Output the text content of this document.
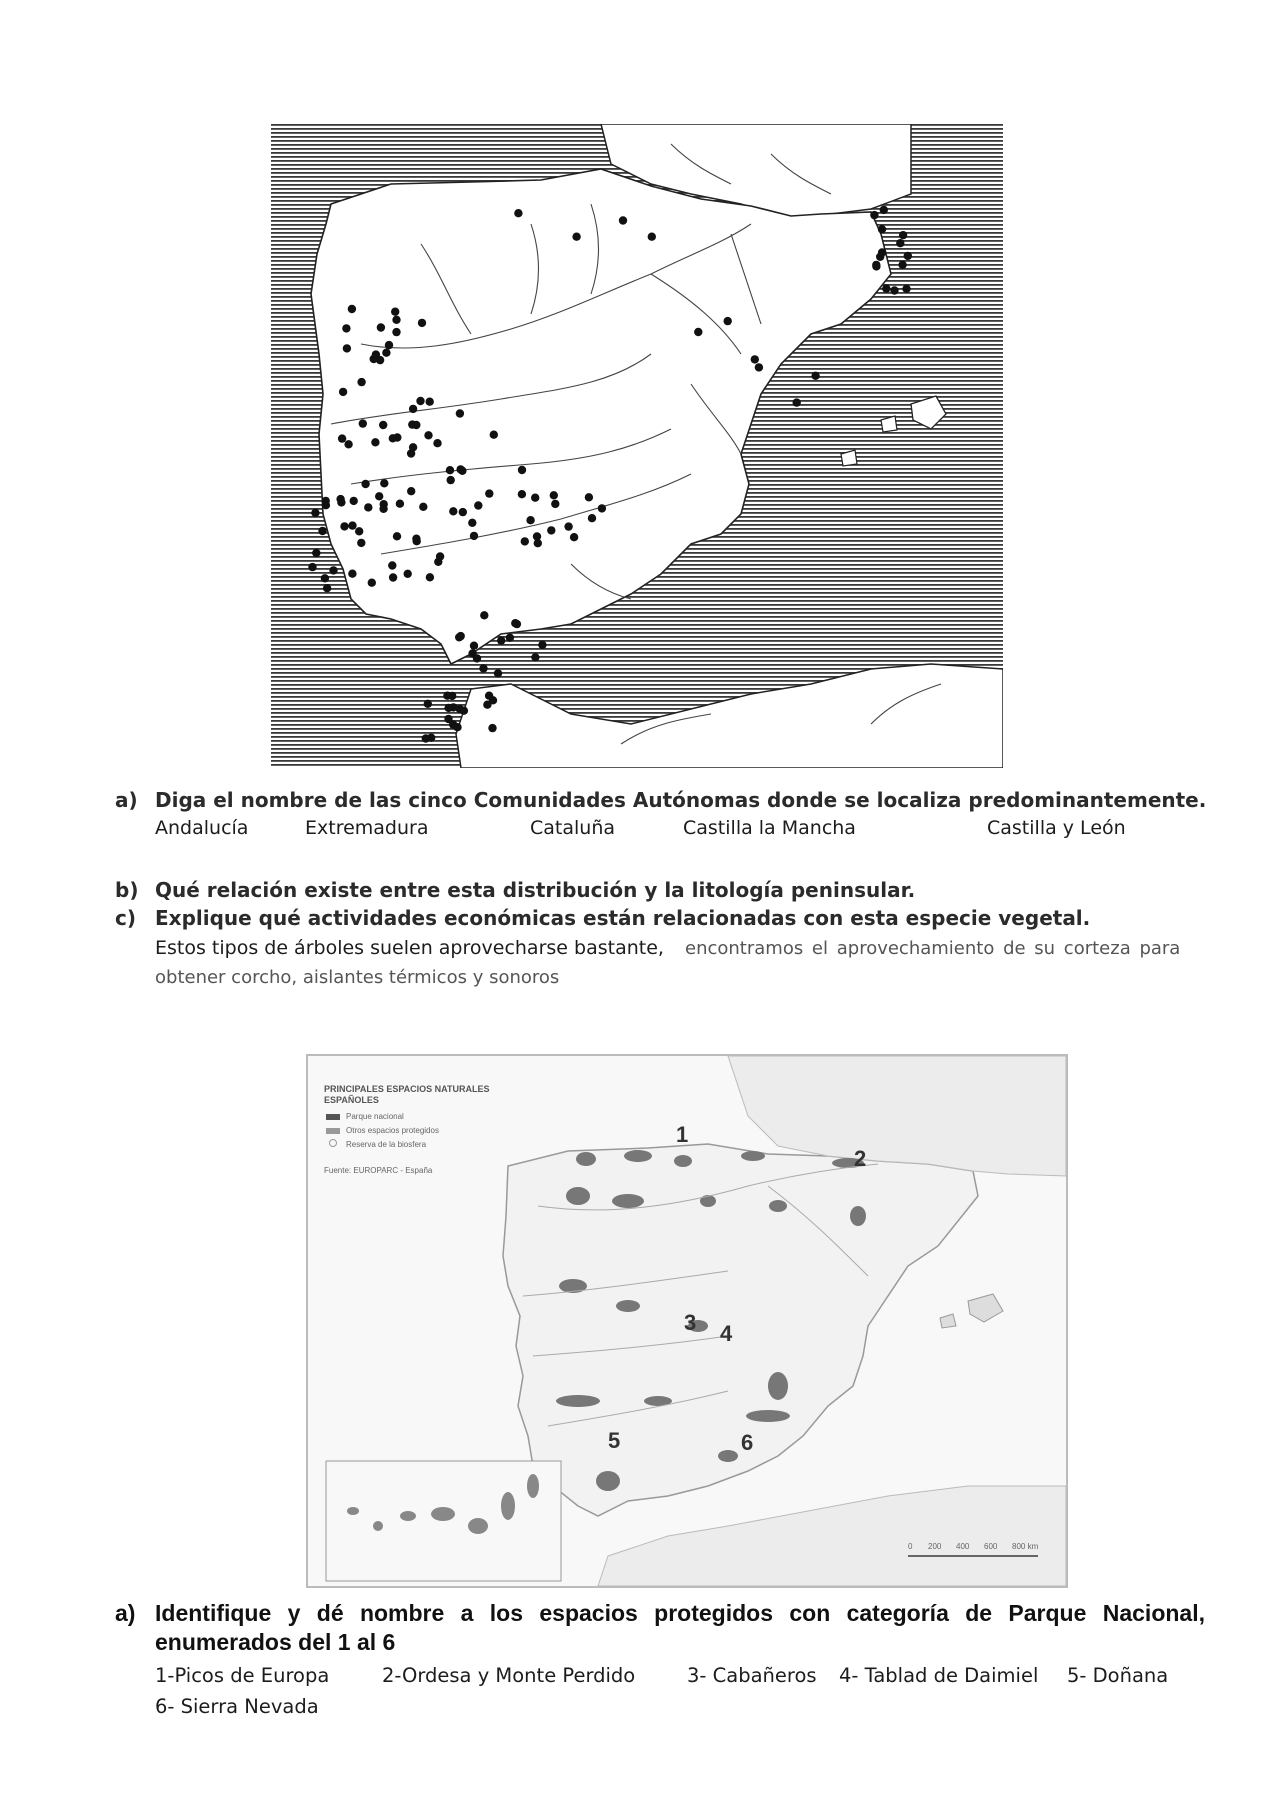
a) Diga el nombre de las cinco Comunidades Autónomas donde se localiza predominantemente.
Andalucía	Extremadura	Cataluña	Castilla la Mancha	Castilla y León
b) Qué relación existe entre esta distribución y la litología peninsular.
c) Explique qué actividades económicas están relacionadas con esta especie vegetal.
Estos tipos de árboles suelen aprovecharse bastante, encontramos el aprovechamiento de su corteza para
obtener corcho, aislantes térmicos y sonoros
PRINCIPALES ESPACIOS NATURALES
ESPAÑOLES
Parque nacional
Otros espacios protegidos
Reserva de la biosfera
Fuente: EUROPARC - España
1
2
3 4
5	6
0 200 400 600 800 km
a) Identifique y dé nombre a los espacios protegidos con categoría de Parque Nacional,
enumerados del 1 al 6
1-Picos de Europa	2-Ordesa y Monte Perdido	3- Cabañeros 4- Tablad de Daimiel 5- Doñana
6- Sierra Nevada
